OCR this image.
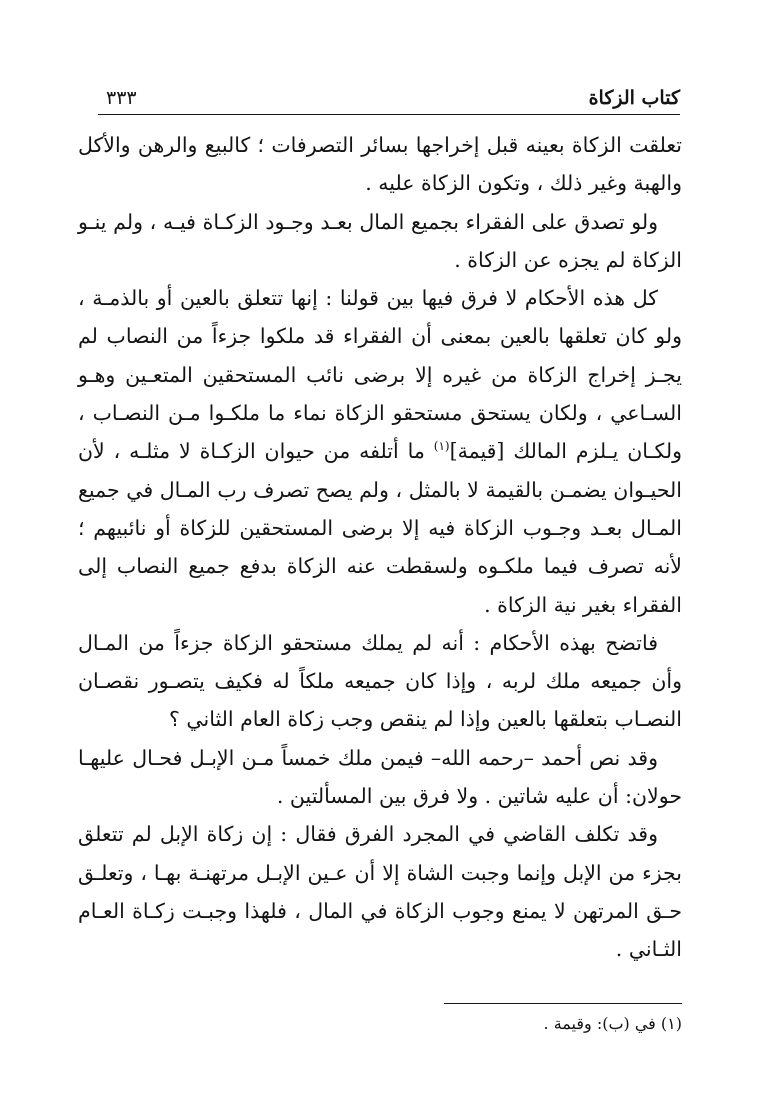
كتاب الزكاة
٣٣٣

تعلقت الزكاة بعينه قبل إخراجها بسائر التصرفات ؛ كالبيع والرهن والأكل والهبة وغير ذلك ، وتكون الزكاة عليه .

ولو تصدق على الفقراء بجميع المال بعـد وجـود الزكـاة فيـه ، ولم ينـو الزكاة لم يجزه عن الزكاة .

كل هذه الأحكام لا فرق فيها بين قولنا : إنها تتعلق بالعين أو بالذمـة ، ولو كان تعلقها بالعين بمعنى أن الفقراء قد ملكوا جزءاً من النصاب لم يجـز إخراج الزكاة من غيره إلا برضى نائب المستحقين المتعـين وهـو السـاعي ، ولكان يستحق مستحقو الزكاة نماء ما ملكـوا مـن النصـاب ، ولكـان يـلزم المالك [قيمة]$^{(١)}$ ما أتلفه من حيوان الزكـاة لا مثلـه ، لأن الحيـوان يضمـن بالقيمة لا بالمثل ، ولم يصح تصرف رب المـال في جميع المـال بعـد وجـوب الزكاة فيه إلا برضى المستحقين للزكاة أو نائبيهم ؛ لأنه تصرف فيما ملكـوه ولسقطت عنه الزكاة بدفع جميع النصاب إلى الفقراء بغير نية الزكاة .

فاتضح بهذه الأحكام : أنه لم يملك مستحقو الزكاة جزءاً من المـال وأن جميعه ملك لربه ، وإذا كان جميعه ملكاً له فكيف يتصـور نقصـان النصـاب بتعلقها بالعين وإذا لم ينقص وجب زكاة العام الثاني ؟

وقد نص أحمد –رحمه الله– فيمن ملك خمساً مـن الإبـل فحـال عليهـا حولان: أن عليه شاتين . ولا فرق بين المسألتين .

وقد تكلف القاضي في المجرد الفرق فقال : إن زكاة الإبل لم تتعلق بجزء من الإبل وإنما وجبت الشاة إلا أن عـين الإبـل مرتهنـة بهـا ، وتعلـق حـق المرتهن لا يمنع وجوب الزكاة في المال ، فلهذا وجبـت زكـاة العـام الثـاني .

(١) في (ب): وقيمة .
